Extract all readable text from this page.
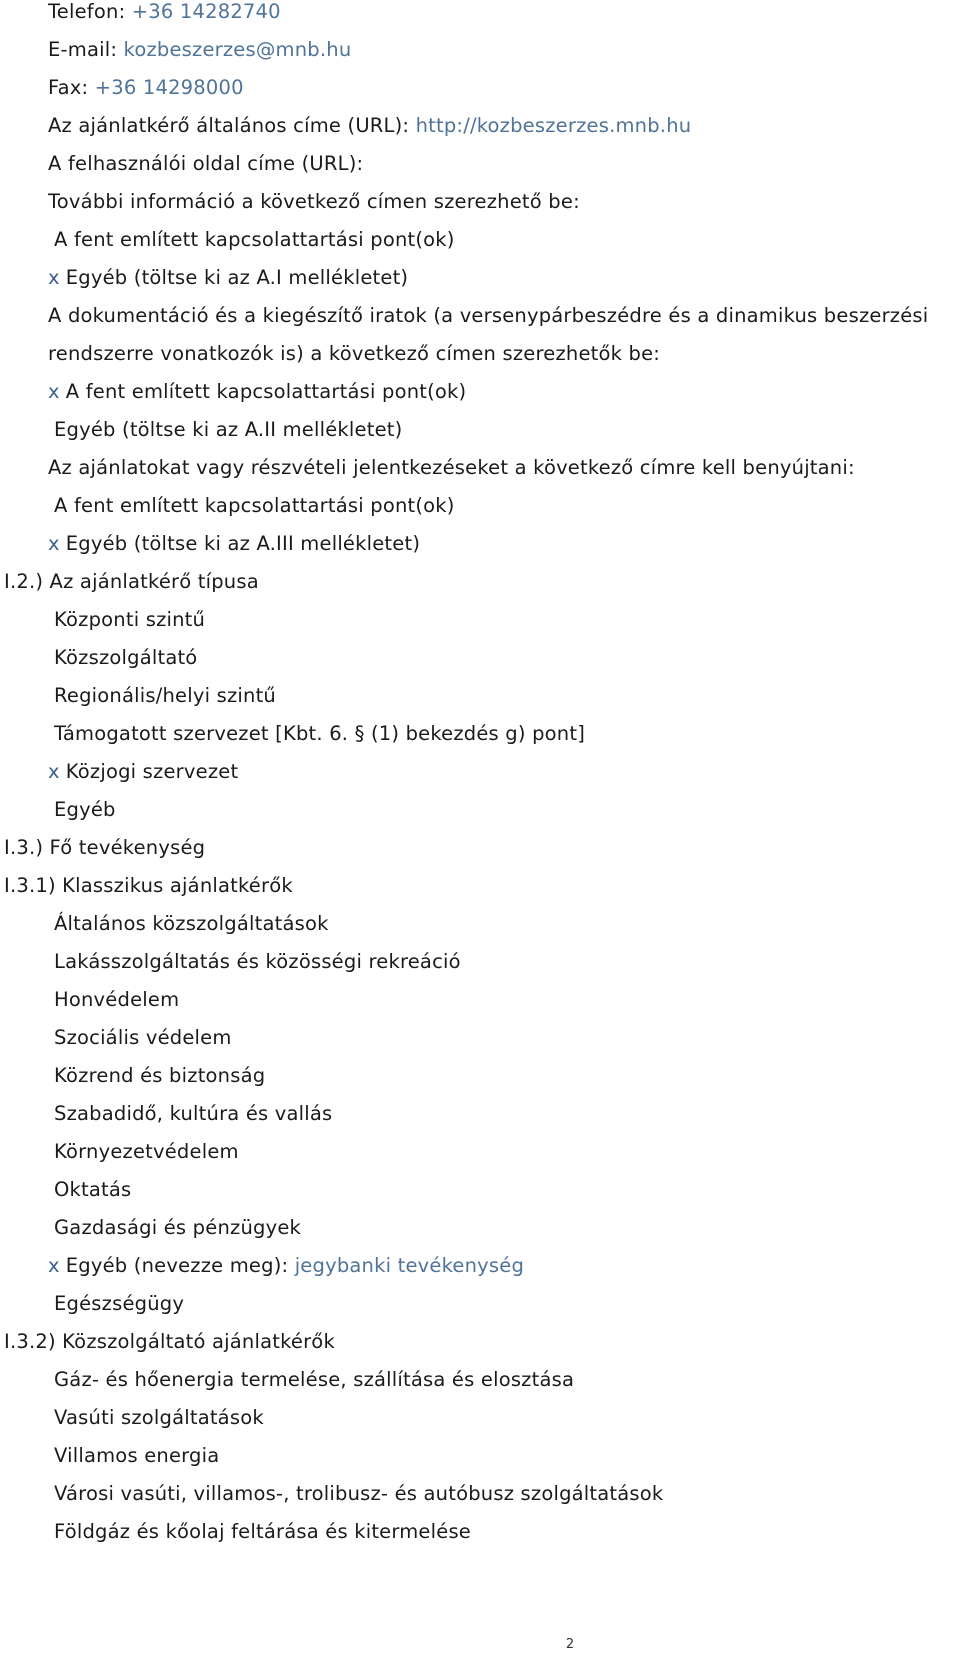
Telefon: +36 14282740
E-mail: kozbeszerzes@mnb.hu
Fax: +36 14298000
Az ajánlatkérő általános címe (URL): http://kozbeszerzes.mnb.hu
A felhasználói oldal címe (URL):
További információ a következő címen szerezhető be:
A fent említett kapcsolattartási pont(ok)
x Egyéb (töltse ki az A.I mellékletet)
A dokumentáció és a kiegészítő iratok (a versenypárbeszédre és a dinamikus beszerzési
rendszerre vonatkozók is) a következő címen szerezhetők be:
x A fent említett kapcsolattartási pont(ok)
Egyéb (töltse ki az A.II mellékletet)
Az ajánlatokat vagy részvételi jelentkezéseket a következő címre kell benyújtani:
A fent említett kapcsolattartási pont(ok)
x Egyéb (töltse ki az A.III mellékletet)
I.2.) Az ajánlatkérő típusa
Központi szintű
Közszolgáltató
Regionális/helyi szintű
Támogatott szervezet [Kbt. 6. § (1) bekezdés g) pont]
x Közjogi szervezet
Egyéb
I.3.) Fő tevékenység
I.3.1) Klasszikus ajánlatkérők
Általános közszolgáltatások
Lakásszolgáltatás és közösségi rekreáció
Honvédelem
Szociális védelem
Közrend és biztonság
Szabadidő, kultúra és vallás
Környezetvédelem
Oktatás
Gazdasági és pénzügyek
x Egyéb (nevezze meg): jegybanki tevékenység
Egészségügy
I.3.2) Közszolgáltató ajánlatkérők
Gáz- és hőenergia termelése, szállítása és elosztása
Vasúti szolgáltatások
Villamos energia
Városi vasúti, villamos-, trolibusz- és autóbusz szolgáltatások
Földgáz és kőolaj feltárása és kitermelése
2
